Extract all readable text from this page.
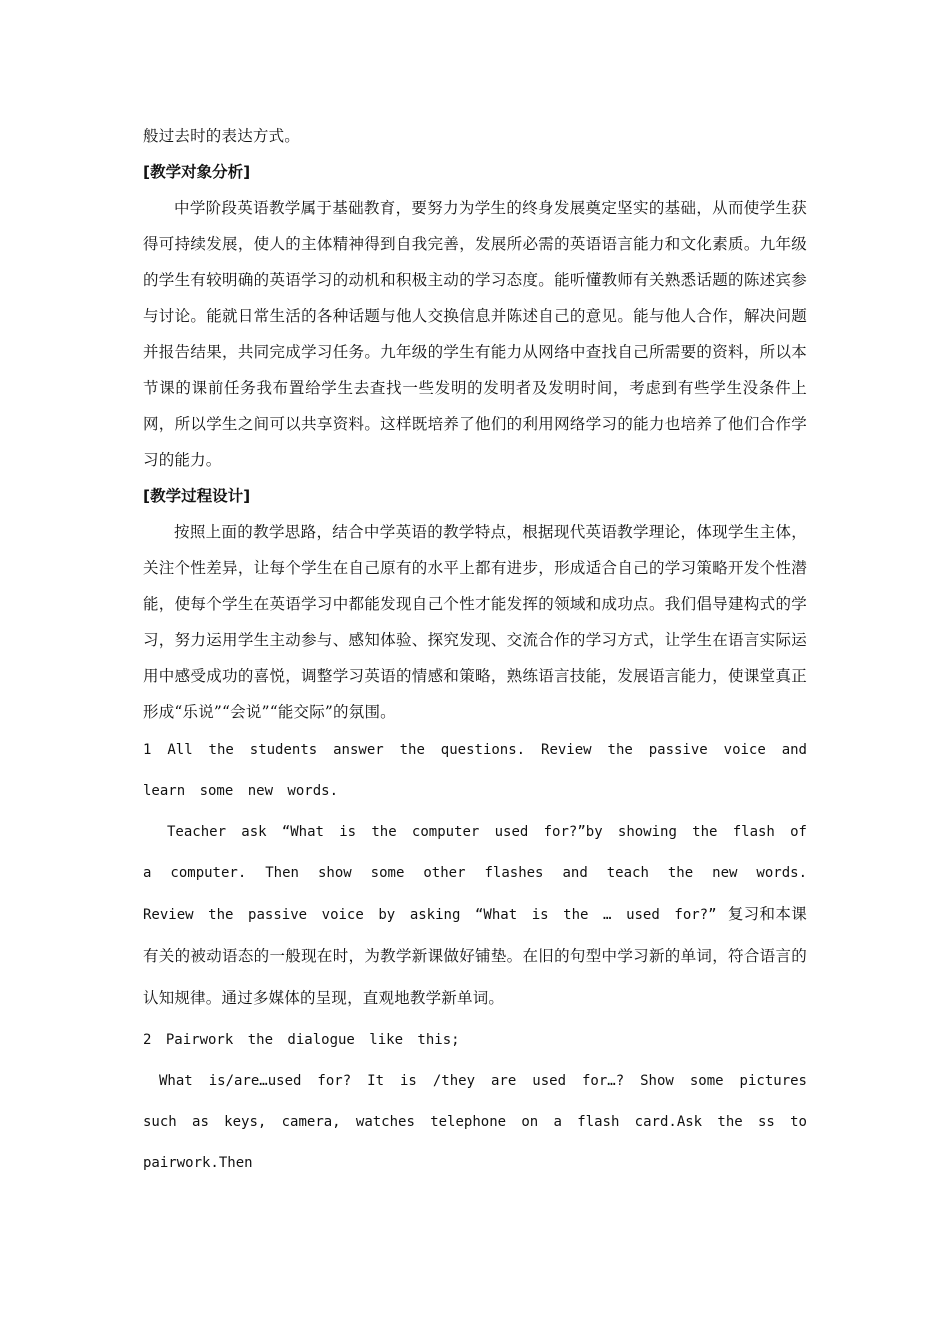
般过去时的表达方式。

[教学对象分析]

中学阶段英语教学属于基础教育，要努力为学生的终身发展奠定坚实的基础，从而使学生获得可持续发展，使人的主体精神得到自我完善，发展所必需的英语语言能力和文化素质。九年级的学生有较明确的英语学习的动机和积极主动的学习态度。能听懂教师有关熟悉话题的陈述宾参与讨论。能就日常生活的各种话题与他人交换信息并陈述自己的意见。能与他人合作，解决问题并报告结果，共同完成学习任务。九年级的学生有能力从网络中查找自己所需要的资料，所以本节课的课前任务我布置给学生去查找一些发明的发明者及发明时间，考虑到有些学生没条件上网，所以学生之间可以共享资料。这样既培养了他们的利用网络学习的能力也培养了他们合作学习的能力。

[教学过程设计]

按照上面的教学思路，结合中学英语的教学特点，根据现代英语教学理论，体现学生主体，关注个性差异，让每个学生在自己原有的水平上都有进步，形成适合自己的学习策略开发个性潜能，使每个学生在英语学习中都能发现自己个性才能发挥的领域和成功点。我们倡导建构式的学习，努力运用学生主动参与、感知体验、探究发现、交流合作的学习方式，让学生在语言实际运用中感受成功的喜悦，调整学习英语的情感和策略，熟练语言技能，发展语言能力，使课堂真正形成“乐说”“会说”“能交际”的氛围。

1 All the students answer the questions. Review the passive voice and learn some new words.

Teacher ask “What is the computer used for?”by showing the flash of a computer. Then show some other flashes and teach the new words. Review the passive voice by asking “What is the … used for?” 复习和本课有关的被动语态的一般现在时，为教学新课做好铺垫。在旧的句型中学习新的单词，符合语言的认知规律。通过多媒体的呈现，直观地教学新单词。

2 Pairwork the dialogue like this;

What is/are…used for? It is /they are used for…? Show some pictures such as keys, camera, watches telephone on a flash card.Ask the ss to pairwork.Then
